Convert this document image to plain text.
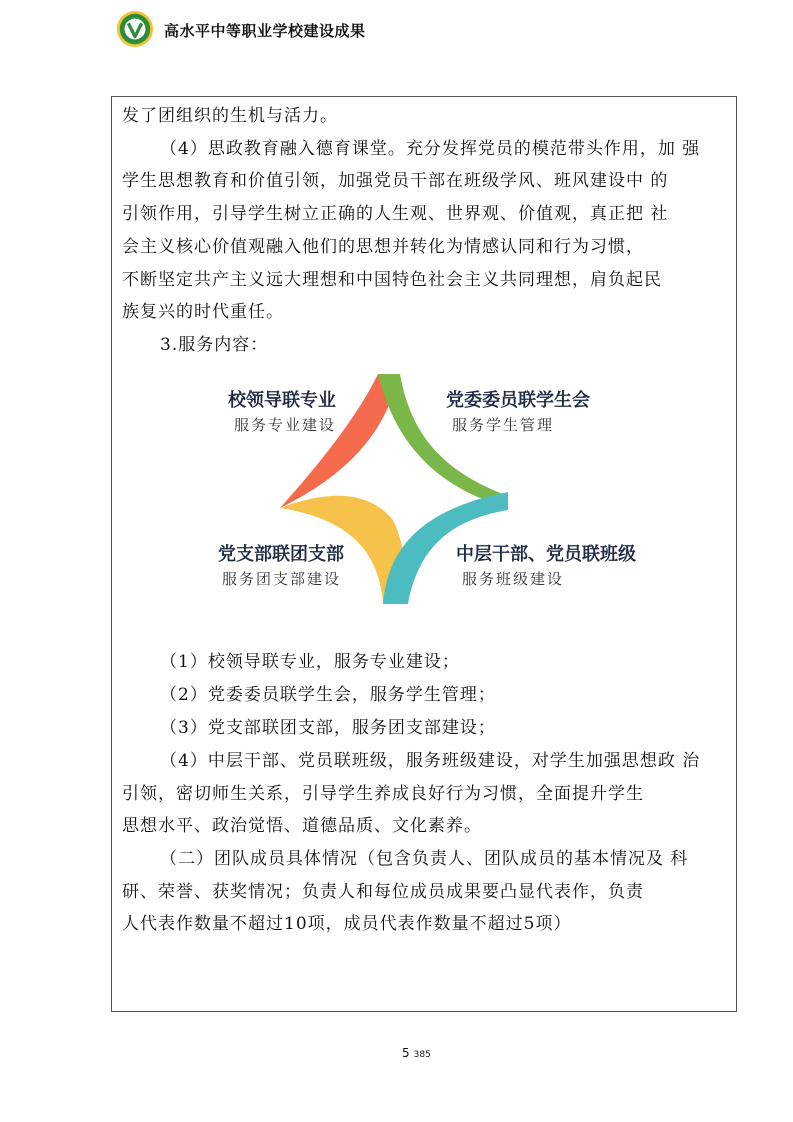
高水平中等职业学校建设成果
发了团组织的生机与活力。
（4）思政教育融入德育课堂。充分发挥党员的模范带头作用，加 强
学生思想教育和价值引领，加强党员干部在班级学风、班风建设中 的
引领作用，引导学生树立正确的人生观、世界观、价值观，真正把 社
会主义核心价值观融入他们的思想并转化为情感认同和行为习惯，
不断坚定共产主义远大理想和中国特色社会主义共同理想，肩负起民
族复兴的时代重任。
3.服务内容：
校领导联专业
服务专业建设
党委委员联学生会
服务学生管理
党支部联团支部
服务团支部建设
中层干部、党员联班级
服务班级建设
（1）校领导联专业，服务专业建设；
（2）党委委员联学生会，服务学生管理；
（3）党支部联团支部，服务团支部建设；
（4）中层干部、党员联班级，服务班级建设，对学生加强思想政 治
引领，密切师生关系，引导学生养成良好行为习惯，全面提升学生
思想水平、政治觉悟、道德品质、文化素养。
（二）团队成员具体情况（包含负责人、团队成员的基本情况及 科
研、荣誉、获奖情况；负责人和每位成员成果要凸显代表作，负责
人代表作数量不超过10项，成员代表作数量不超过5项）
5 385
